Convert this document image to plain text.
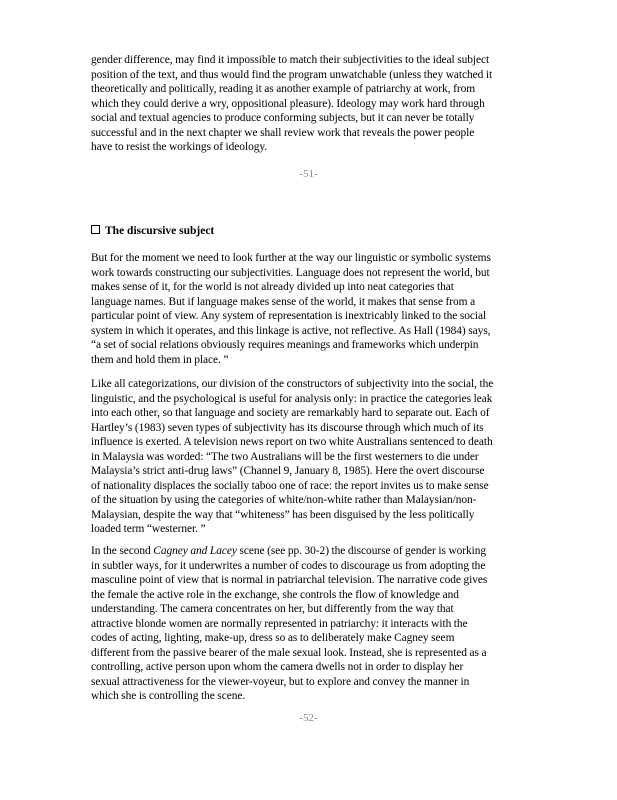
gender difference, may find it impossible to match their subjectivities to the ideal subject
position of the text, and thus would find the program unwatchable (unless they watched it
theoretically and politically, reading it as another example of patriarchy at work, from
which they could derive a wry, oppositional pleasure). Ideology may work hard through
social and textual agencies to produce conforming subjects, but it can never be totally
successful and in the next chapter we shall review work that reveals the power people
have to resist the workings of ideology.

-51-

The discursive subject

But for the moment we need to look further at the way our linguistic or symbolic systems
work towards constructing our subjectivities. Language does not represent the world, but
makes sense of it, for the world is not already divided up into neat categories that
language names. But if language makes sense of the world, it makes that sense from a
particular point of view. Any system of representation is inextricably linked to the social
system in which it operates, and this linkage is active, not reflective. As Hall (1984) says,
“a set of social relations obviously requires meanings and frameworks which underpin
them and hold them in place. ”

Like all categorizations, our division of the constructors of subjectivity into the social, the
linguistic, and the psychological is useful for analysis only: in practice the categories leak
into each other, so that language and society are remarkably hard to separate out. Each of
Hartley’s (1983) seven types of subjectivity has its discourse through which much of its
influence is exerted. A television news report on two white Australians sentenced to death
in Malaysia was worded: “The two Australians will be the first westerners to die under
Malaysia’s strict anti-drug laws” (Channel 9, January 8, 1985). Here the overt discourse
of nationality displaces the socially taboo one of race: the report invites us to make sense
of the situation by using the categories of white/non-white rather than Malaysian/non-
Malaysian, despite the way that “whiteness” has been disguised by the less politically
loaded term “westerner. ”

In the second Cagney and Lacey scene (see pp. 30-2) the discourse of gender is working
in subtler ways, for it underwrites a number of codes to discourage us from adopting the
masculine point of view that is normal in patriarchal television. The narrative code gives
the female the active role in the exchange, she controls the flow of knowledge and
understanding. The camera concentrates on her, but differently from the way that
attractive blonde women are normally represented in patriarchy: it interacts with the
codes of acting, lighting, make-up, dress so as to deliberately make Cagney seem
different from the passive bearer of the male sexual look. Instead, she is represented as a
controlling, active person upon whom the camera dwells not in order to display her
sexual attractiveness for the viewer-voyeur, but to explore and convey the manner in
which she is controlling the scene.

-52-
